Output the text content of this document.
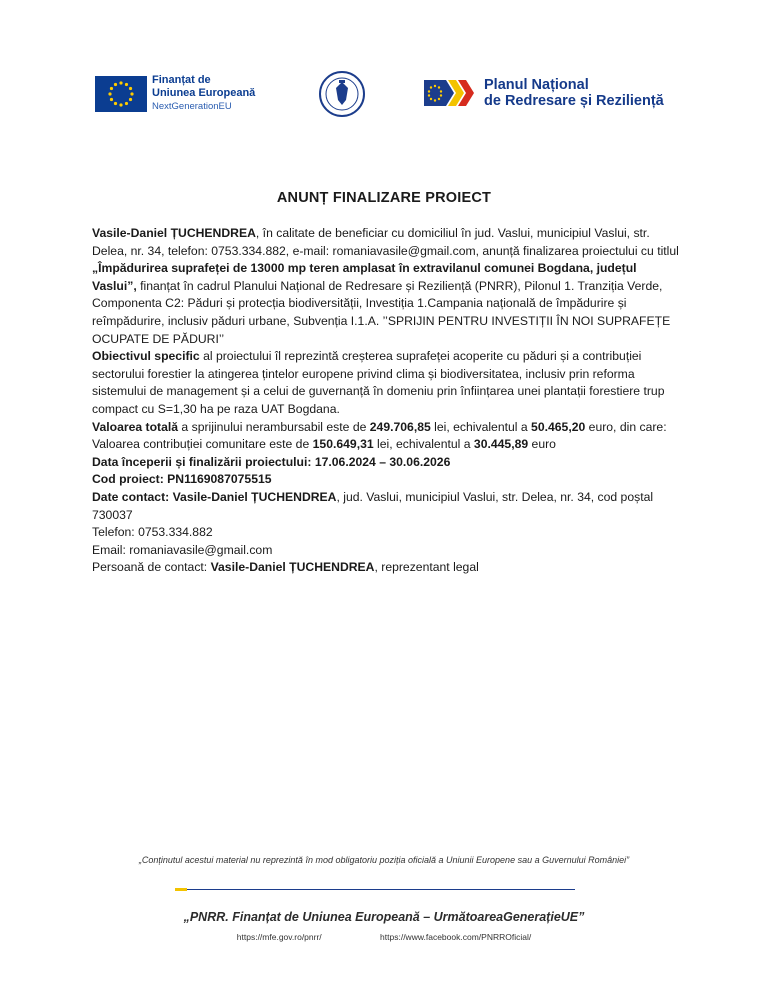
Finanțat de
Uniunea Europeană
NextGenerationEU
Planul Național
de Redresare și Reziliență
ANUNȚ FINALIZARE PROIECT

Vasile-Daniel ȚUCHENDREA, în calitate de beneficiar cu domiciliul în jud. Vaslui, municipiul Vaslui, str. Delea, nr. 34, telefon: 0753.334.882, e-mail: romaniavasile@gmail.com, anunță finalizarea proiectului cu titlul „Împădurirea suprafeței de 13000 mp teren amplasat în extravilanul comunei Bogdana, județul Vaslui”, finanțat în cadrul Planului Național de Redresare și Reziliență (PNRR), Pilonul 1. Tranziția Verde, Componenta C2: Păduri și protecția biodiversității, Investiția 1.Campania națională de împădurire și reîmpădurire, inclusiv păduri urbane, Subvenția I.1.A. ’’SPRIJIN PENTRU INVESTIȚII ÎN NOI SUPRAFEȚE OCUPATE DE PĂDURI’’

Obiectivul specific al proiectului îl reprezintă creșterea suprafeței acoperite cu păduri și a contribuției sectorului forestier la atingerea țintelor europene privind clima și biodiversitatea, inclusiv prin reforma sistemului de management și a celui de guvernanță în domeniu prin înființarea unei plantații forestiere trup compact cu S=1,30 ha pe raza UAT Bogdana.

Valoarea totală a sprijinului nerambursabil este de 249.706,85 lei, echivalentul a 50.465,20 euro, din care:

Valoarea contribuției comunitare este de 150.649,31 lei, echivalentul a 30.445,89 euro

Data începerii și finalizării proiectului: 17.06.2024 – 30.06.2026

Cod proiect: PN1169087075515

Date contact: Vasile-Daniel ȚUCHENDREA, jud. Vaslui, municipiul Vaslui, str. Delea, nr. 34, cod poștal 730037

Telefon: 0753.334.882

Email: romaniavasile@gmail.com

Persoană de contact: Vasile-Daniel ȚUCHENDREA, reprezentant legal

„Conținutul acestui material nu reprezintă în mod obligatoriu poziția oficială a Uniunii Europene sau a Guvernului României”
„PNRR. Finanțat de Uniunea Europeană – UrmătoareaGenerațieUE”
https://mfe.gov.ro/pnrr/	https://www.facebook.com/PNRROficial/
